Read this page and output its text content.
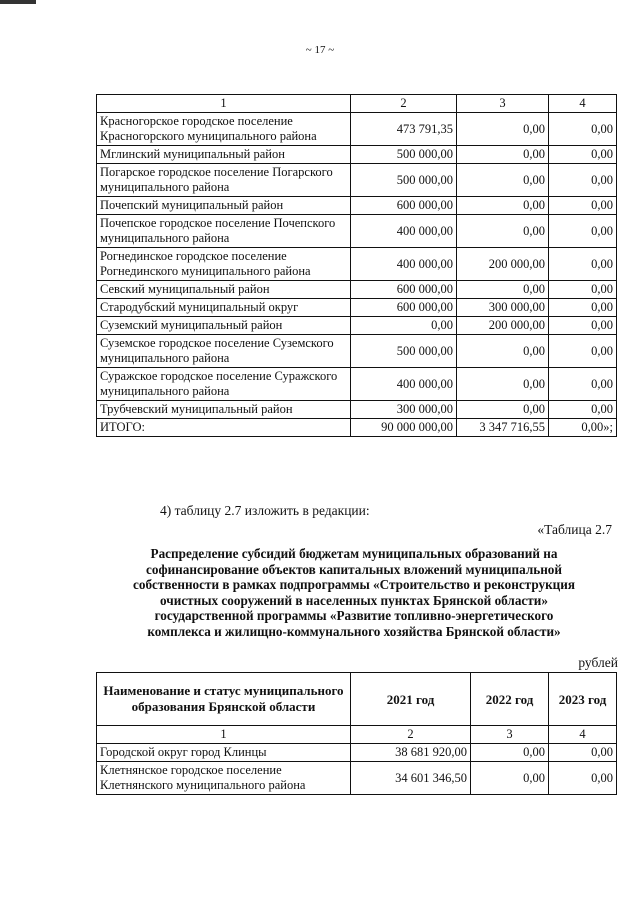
~ 17 ~
1	2	3	4
Красногорское городское поселение Красногорского муниципального района	473 791,35	0,00	0,00
Мглинский муниципальный район	500 000,00	0,00	0,00
Погарское городское поселение Погарского муниципального района	500 000,00	0,00	0,00
Почепский муниципальный район	600 000,00	0,00	0,00
Почепское городское поселение Почепского муниципального района	400 000,00	0,00	0,00
Рогнединское городское поселение Рогнединского муниципального района	400 000,00	200 000,00	0,00
Севский муниципальный район	600 000,00	0,00	0,00
Стародубский муниципальный округ	600 000,00	300 000,00	0,00
Суземский муниципальный район	0,00	200 000,00	0,00
Суземское городское поселение Суземского муниципального района	500 000,00	0,00	0,00
Суражское городское поселение Суражского муниципального района	400 000,00	0,00	0,00
Трубчевский муниципальный район	300 000,00	0,00	0,00
ИТОГО:	90 000 000,00	3 347 716,55	0,00»;
4) таблицу 2.7 изложить в редакции:
«Таблица 2.7
Распределение субсидий бюджетам муниципальных образований на
софинансирование объектов капитальных вложений муниципальной
собственности в рамках подпрограммы «Строительство и реконструкция
очистных сооружений в населенных пунктах Брянской области»
государственной программы «Развитие топливно-энергетического
комплекса и жилищно-коммунального хозяйства Брянской области»
рублей
Наименование и статус муниципального образования Брянской области	2021 год	2022 год	2023 год
1	2	3	4
Городской округ город Клинцы	38 681 920,00	0,00	0,00
Клетнянское городское поселение Клетнянского муниципального района	34 601 346,50	0,00	0,00
